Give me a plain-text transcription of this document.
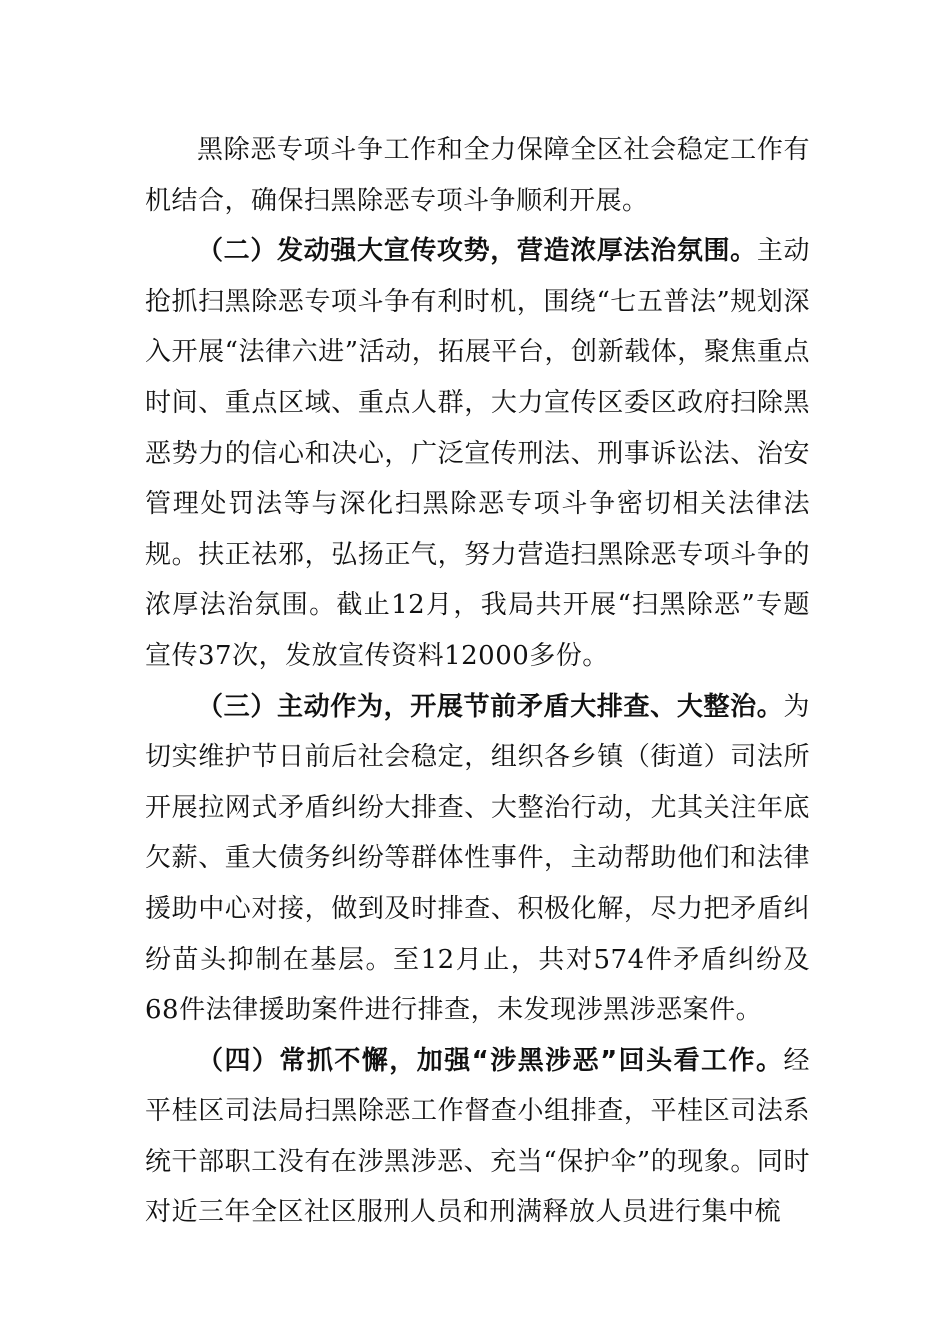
黑除恶专项斗争工作和全力保障全区社会稳定工作有机结合，确保扫黑除恶专项斗争顺利开展。

（二）发动强大宣传攻势，营造浓厚法治氛围。主动抢抓扫黑除恶专项斗争有利时机，围绕“七五普法”规划深入开展“法律六进”活动，拓展平台，创新载体，聚焦重点时间、重点区域、重点人群，大力宣传区委区政府扫除黑恶势力的信心和决心，广泛宣传刑法、刑事诉讼法、治安管理处罚法等与深化扫黑除恶专项斗争密切相关法律法规。扶正祛邪，弘扬正气，努力营造扫黑除恶专项斗争的浓厚法治氛围。截止12月，我局共开展“扫黑除恶”专题宣传37次，发放宣传资料12000多份。

（三）主动作为，开展节前矛盾大排查、大整治。为切实维护节日前后社会稳定，组织各乡镇（街道）司法所开展拉网式矛盾纠纷大排查、大整治行动，尤其关注年底欠薪、重大债务纠纷等群体性事件，主动帮助他们和法律援助中心对接，做到及时排查、积极化解，尽力把矛盾纠纷苗头抑制在基层。至12月止，共对574件矛盾纠纷及68件法律援助案件进行排查，未发现涉黑涉恶案件。

（四）常抓不懈，加强“涉黑涉恶”回头看工作。经平桂区司法局扫黑除恶工作督查小组排查，平桂区司法系统干部职工没有在涉黑涉恶、充当“保护伞”的现象。同时对近三年全区社区服刑人员和刑满释放人员进行集中梳
